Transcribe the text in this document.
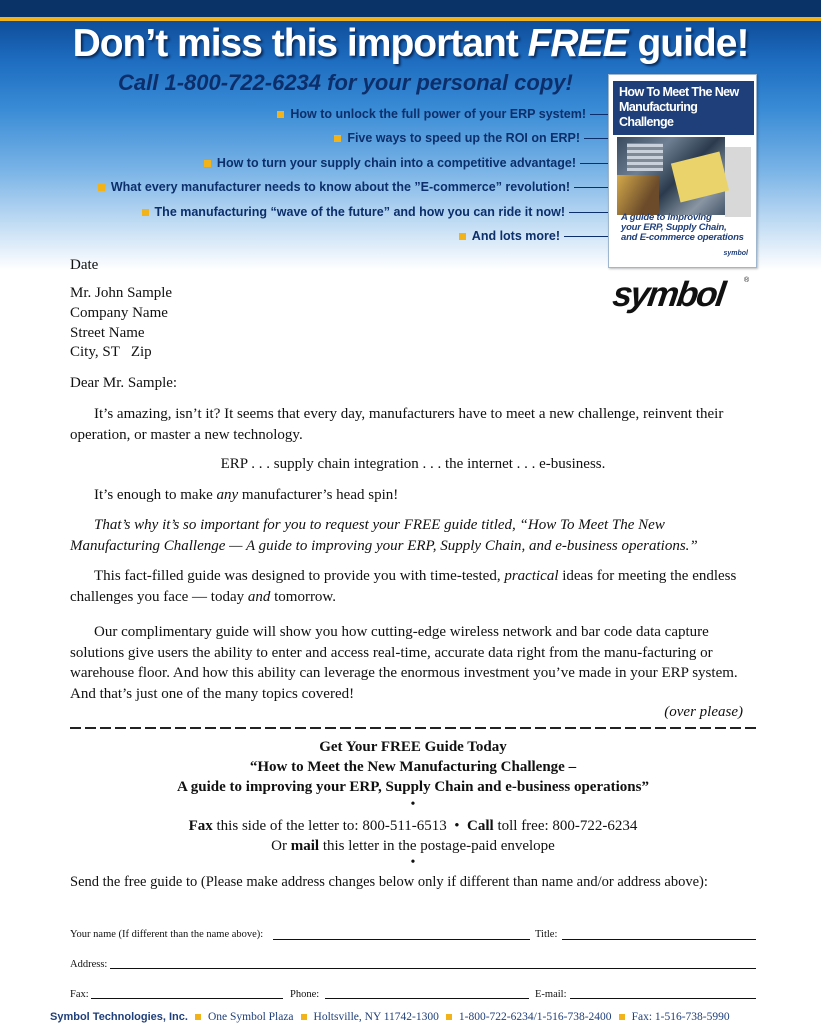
Don’t miss this important FREE guide!
Call 1-800-722-6234 for your personal copy!
How to unlock the full power of your ERP system!
Five ways to speed up the ROI on ERP!
How to turn your supply chain into a competitive advantage!
What every manufacturer needs to know about the ”E-commerce” revolution!
The manufacturing “wave of the future” and how you can ride it now!
And lots more!
How To Meet The New
Manufacturing Challenge
A guide to improving
your ERP, Supply Chain,
and E-commerce operations
symbol
symbol	®
Date
Mr. John Sample
Company Name
Street Name
City, ST   Zip
Dear Mr. Sample:
It’s amazing, isn’t it? It seems that every day, manufacturers have to meet a new challenge, reinvent their operation, or master a new technology.
ERP . . . supply chain integration . . . the internet . . . e-business.
It’s enough to make any manufacturer’s head spin!
That’s why it’s so important for you to request your FREE guide titled, “How To Meet The New Manufacturing Challenge — A guide to improving your ERP, Supply Chain, and e-business operations.”
This fact-filled guide was designed to provide you with time-tested, practical ideas for meeting the endless challenges you face — today and tomorrow.
Our complimentary guide will show you how cutting-edge wireless network and bar code data capture solutions give users the ability to enter and access real-time, accurate data right from the manu-facturing or warehouse floor. And how this ability can leverage the enormous investment you’ve made in your ERP system. And that’s just one of the many topics covered!
(over please)
Get Your FREE Guide Today
“How to Meet the New Manufacturing Challenge –
A guide to improving your ERP, Supply Chain and e-business operations”
•
Fax this side of the letter to: 800-511-6513  •  Call toll free: 800-722-6234
Or mail this letter in the postage-paid envelope
•
Send the free guide to (Please make address changes below only if different than name and/or address above):
Your name (If different than the name above):	Title:
Address:
Fax:	Phone:	E-mail:
Symbol Technologies, Inc. One Symbol Plaza Holtsville, NY 11742-1300 1-800-722-6234/1-516-738-2400 Fax: 1-516-738-5990
